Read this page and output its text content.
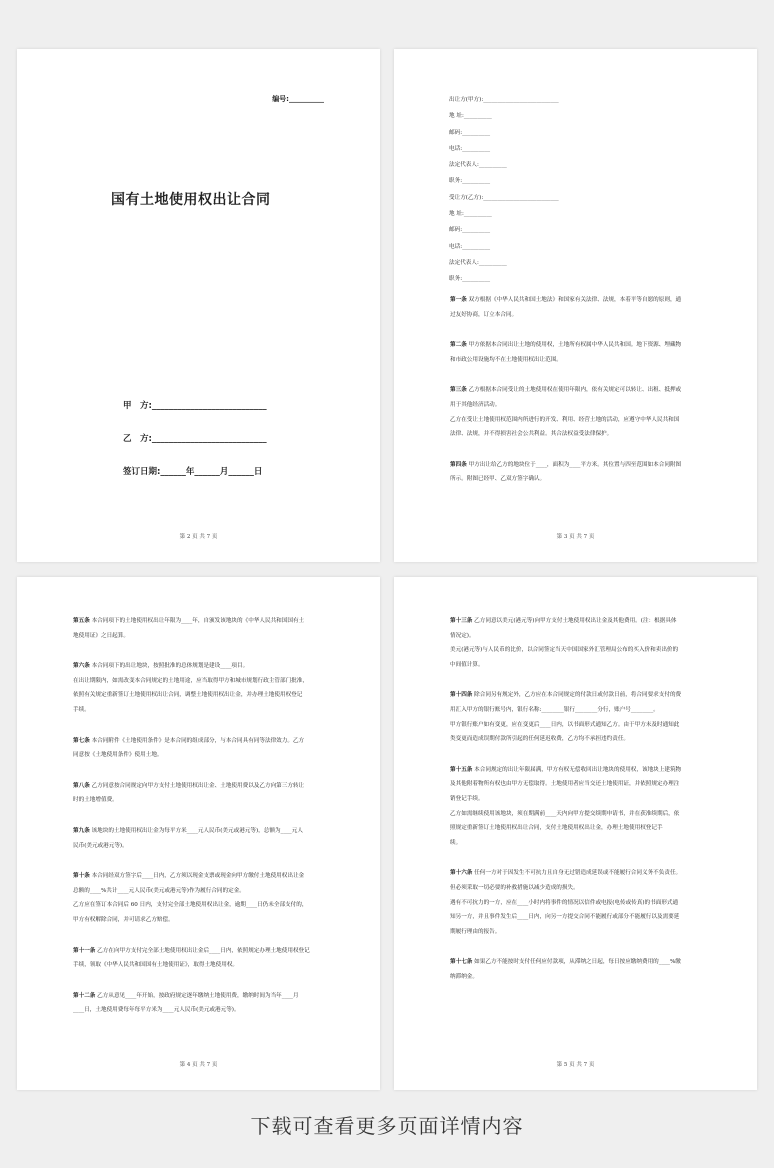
编号:__________
国有土地使用权出让合同
甲　方:___________________________
乙　方:___________________________
签订日期:______年______月______日
第 2 页 共 7 页
出让方(甲方):___________________________
地 址:__________
邮码:__________
电话:__________
法定代表人:__________
职务:__________
受让方(乙方):___________________________
地 址:__________
邮码:__________
电话:__________
法定代表人:__________
职务:__________

第一条 双方根据《中华人民共和国土地法》和国家有关法律、法规，本着平等自愿的原则，通

过友好协商，订立本合同。

第二条 甲方依据本合同出让土地的使用权，土地所有权属中华人民共和国。地下资源、埋藏物

和市政公用设施均不在土地使用权出让范围。

第三条 乙方根据本合同受让的土地使用权在使用年限内，依有关规定可以转让、出租、抵押或

用于其他经济活动。

乙方在受让土地使用权范围内所进行的开发、利用、经营土地的活动，应遵守中华人民共和国

法律、法规，并不得损害社会公共利益。其合法权益受法律保护。

第四条 甲方出让给乙方的地块位于____，面积为____平方米。其位置与四至范围如本合同附图

所示。附图已经甲、乙双方签字确认。

第 3 页 共 7 页

第五条 本合同项下的土地使用权出让年限为____年，自颁发该地块的《中华人民共和国国有土

地使用证》之日起算。

第六条 本合同项下的出让地块，按照批准的总体规划是建设____项目。

在出让期限内，如需改变本合同规定的土地用途，应当取得甲方和城市规划行政主管部门批准，

依照有关规定重新签订土地使用权出让合同，调整土地使用权出让金，并办理土地使用权登记

手续。

第七条 本合同附件《土地使用条件》是本合同的组成部分，与本合同具有同等法律效力。乙方

同意按《土地使用条件》使用土地。

第八条 乙方同意按合同规定向甲方支付土地使用权出让金、土地使用费以及乙方向第三方转让

时的土地增值费。

第九条 该地块的土地使用权出让金为每平方米____元人民币(美元或港元等)，总额为____元人

民币(美元或港元等)。

第十条 本合同经双方签字后____日内，乙方须以现金支票或现金向甲方缴付土地使用权出让金

总额的____%共计____元人民币(美元或港元等)作为履行合同的定金。

乙方应在签订本合同后 60 日内，支付完全部土地使用权出让金，逾期____日仍未全部支付的，

甲方有权解除合同，并可请求乙方赔偿。

第十一条 乙方在向甲方支付完全部土地使用权出让金后____日内，依照规定办理土地使用权登记

手续，领取《中华人民共和国国有土地使用证》，取得土地使用权。

第十二条 乙方从意见____年开始，按政府规定逐年缴纳土地使用费，缴纳时间为当年____月

____日，土地使用费每年每平方米为____元人民币(美元或港元等)。

第 4 页 共 7 页

第十三条 乙方同意以美元(港元等)向甲方支付土地使用权出让金及其他费用。(注：根据具体

情况定)。

美元(港元等)与人民币的比价，以合同签定当天中国国家外汇管理局公布的买入价和卖出价的

中间值计算。

第十四条 除合同另有规定外，乙方应在本合同规定的付款日或付款日前，将合同要求支付的费

用汇入甲方的银行账号内，银行名称:________银行________分行，账户号________。

甲方银行账户如有变更，应在变更后____日内，以书面形式通知乙方。由于甲方未及时通知此

类变更而造成误期付款所引起的任何延迟收费，乙方均不承担违约责任。

第十五条 本合同规定的出让年限届满，甲方有权无偿收回出让地块的使用权，该地块上建筑物

及其他附着物所有权也由甲方无偿取得。土地使用者应当交还土地使用证，并依照规定办理注

销登记手续。

乙方如需继续使用该地块，须在期满前____天内向甲方提交续期申请书，并在获准续期后，依

照规定重新签订土地使用权出让合同，支付土地使用权出让金，办理土地使用权登记手

续。

第十六条 任何一方对于因发生不可抗力且自身无过错造成延误或不能履行合同义务不负责任。

但必须采取一切必要的补救措施以减少造成的损失。

遇有不可抗力的一方，应在____小时内将事件的情况以信件或电报(电传或传真)的书面形式通

知另一方，并且事件发生后____日内，向另一方提交合同不能履行或部分不能履行以及需要延

期履行理由的报告。

第十七条 如果乙方不能按时支付任何应付款项，从滞纳之日起，每日按应缴纳费用的____%缴

纳滞纳金。

第 5 页 共 7 页
下载可查看更多页面详情内容
